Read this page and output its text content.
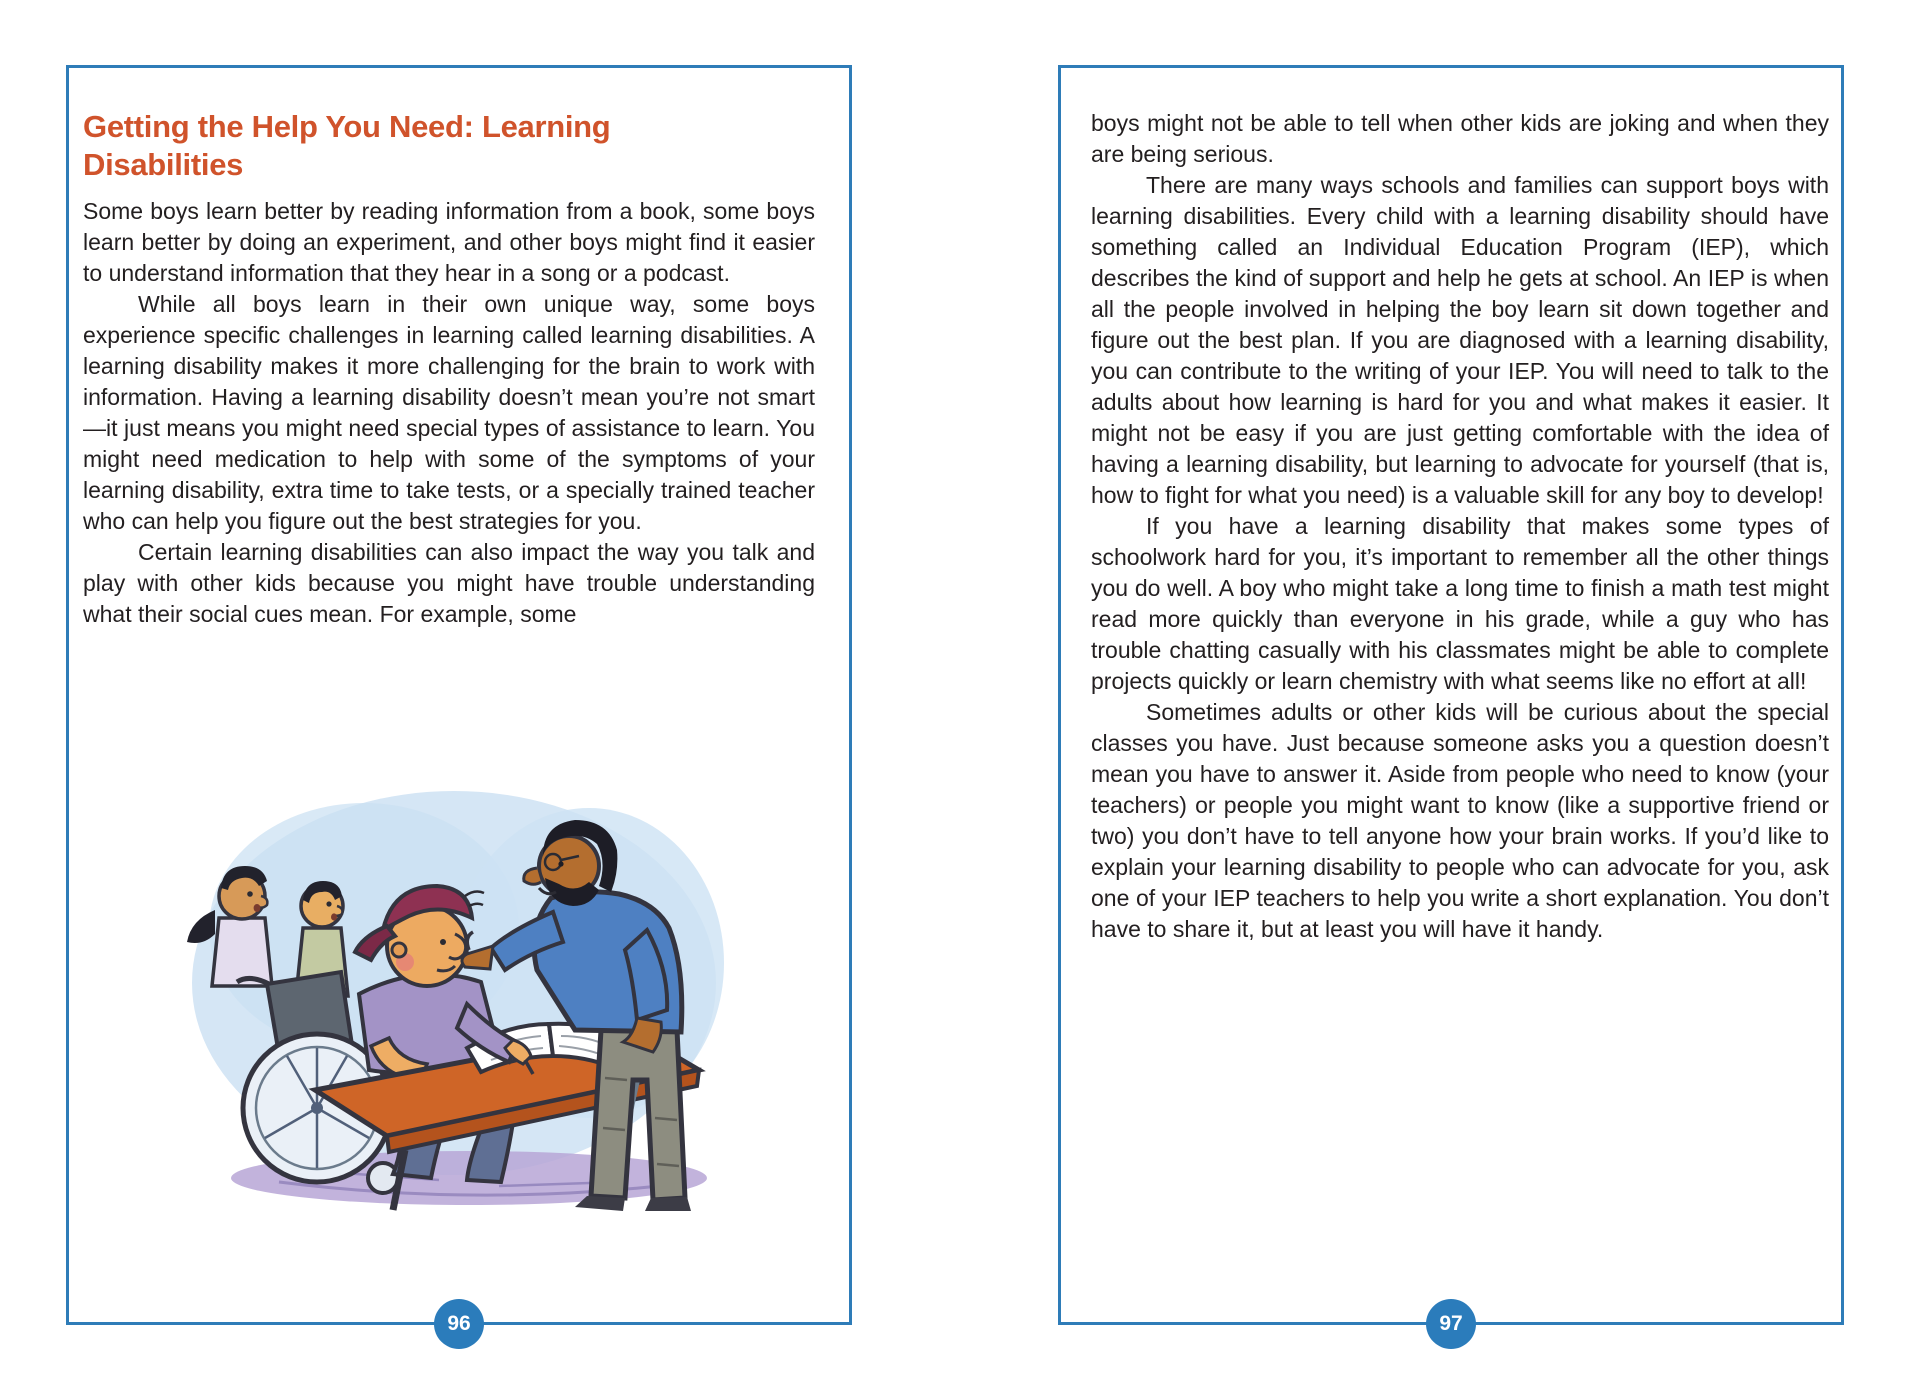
Getting the Help You Need: Learning
Disabilities

Some boys learn better by reading information from a book, some boys learn better by doing an experiment, and other boys might find it easier to understand information that they hear in a song or a podcast.

While all boys learn in their own unique way, some boys experience specific challenges in learning called learning disabilities. A learning disability makes it more challenging for the brain to work with information. Having a learning disability doesn’t mean you’re not smart—it just means you might need special types of assistance to learn. You might need medication to help with some of the symptoms of your learning disability, extra time to take tests, or a specially trained teacher who can help you figure out the best strategies for you.

Certain learning disabilities can also impact the way you talk and play with other kids because you might have trouble understanding what their social cues mean. For example, some

96

boys might not be able to tell when other kids are joking and when they are being serious.

There are many ways schools and families can support boys with learning disabilities. Every child with a learning disability should have something called an Individual Education Program (IEP), which describes the kind of support and help he gets at school. An IEP is when all the people involved in helping the boy learn sit down together and figure out the best plan. If you are diagnosed with a learning disability, you can contribute to the writing of your IEP. You will need to talk to the adults about how learning is hard for you and what makes it easier. It might not be easy if you are just getting comfortable with the idea of having a learning disability, but learning to advocate for yourself (that is, how to fight for what you need) is a valuable skill for any boy to develop!

If you have a learning disability that makes some types of schoolwork hard for you, it’s important to remember all the other things you do well. A boy who might take a long time to finish a math test might read more quickly than everyone in his grade, while a guy who has trouble chatting casually with his classmates might be able to complete projects quickly or learn chemistry with what seems like no effort at all!

Sometimes adults or other kids will be curious about the special classes you have. Just because someone asks you a question doesn’t mean you have to answer it. Aside from people who need to know (your teachers) or people you might want to know (like a supportive friend or two) you don’t have to tell anyone how your brain works. If you’d like to explain your learning disability to people who can advocate for you, ask one of your IEP teachers to help you write a short explanation. You don’t have to share it, but at least you will have it handy.

97
